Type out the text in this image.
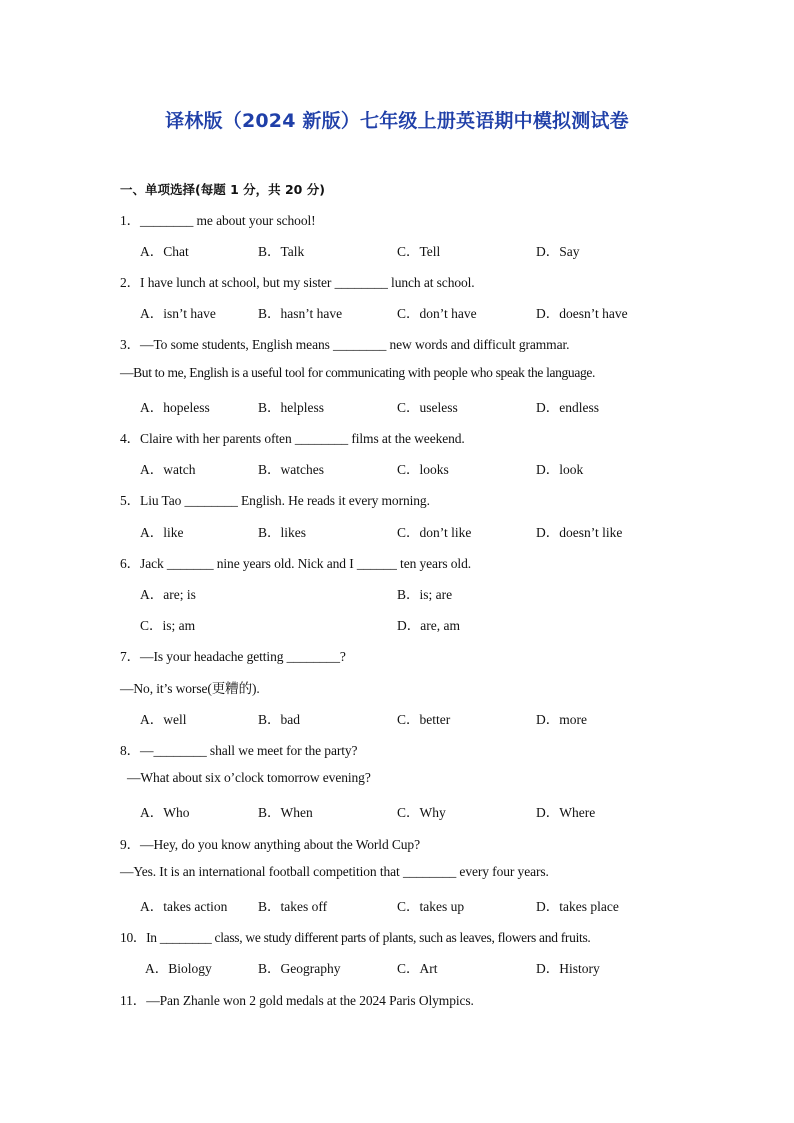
译林版（2024 新版）七年级上册英语期中模拟测试卷
一、单项选择(每题 1 分，共 20 分)
1．________ me about your school!
A．Chat	B．Talk	C．Tell	D．Say
2．I have lunch at school, but my sister ________ lunch at school.
A．isn’t have	B．hasn’t have	C．don’t have	D．doesn’t have
3．—To some students, English means ________ new words and difficult grammar.
—But to me, English is a useful tool for communicating with people who speak the language.
A．hopeless	B．helpless	C．useless	D．endless
4．Claire with her parents often ________ films at the weekend.
A．watch	B．watches	C．looks	D．look
5．Liu Tao ________ English. He reads it every morning.
A．like	B．likes	C．don’t like	D．doesn’t like
6．Jack _______ nine years old. Nick and I ______ ten years old.
A．are; is	B．is; are
C．is; am	D．are, am
7．—Is your headache getting ________?
—No, it’s worse(更糟的).
A．well	B．bad	C．better	D．more
8．—________ shall we meet for the party?
—What about six o’clock tomorrow evening?
A．Who	B．When	C．Why	D．Where
9．—Hey, do you know anything about the World Cup?
—Yes. It is an international football competition that ________ every four years.
A．takes action B．takes off	C．takes up	D．takes place
10．In ________ class, we study different parts of plants, such as leaves, flowers and fruits.
A．Biology	B．Geography	C．Art	D．History
11．—Pan Zhanle won 2 gold medals at the 2024 Paris Olympics.
